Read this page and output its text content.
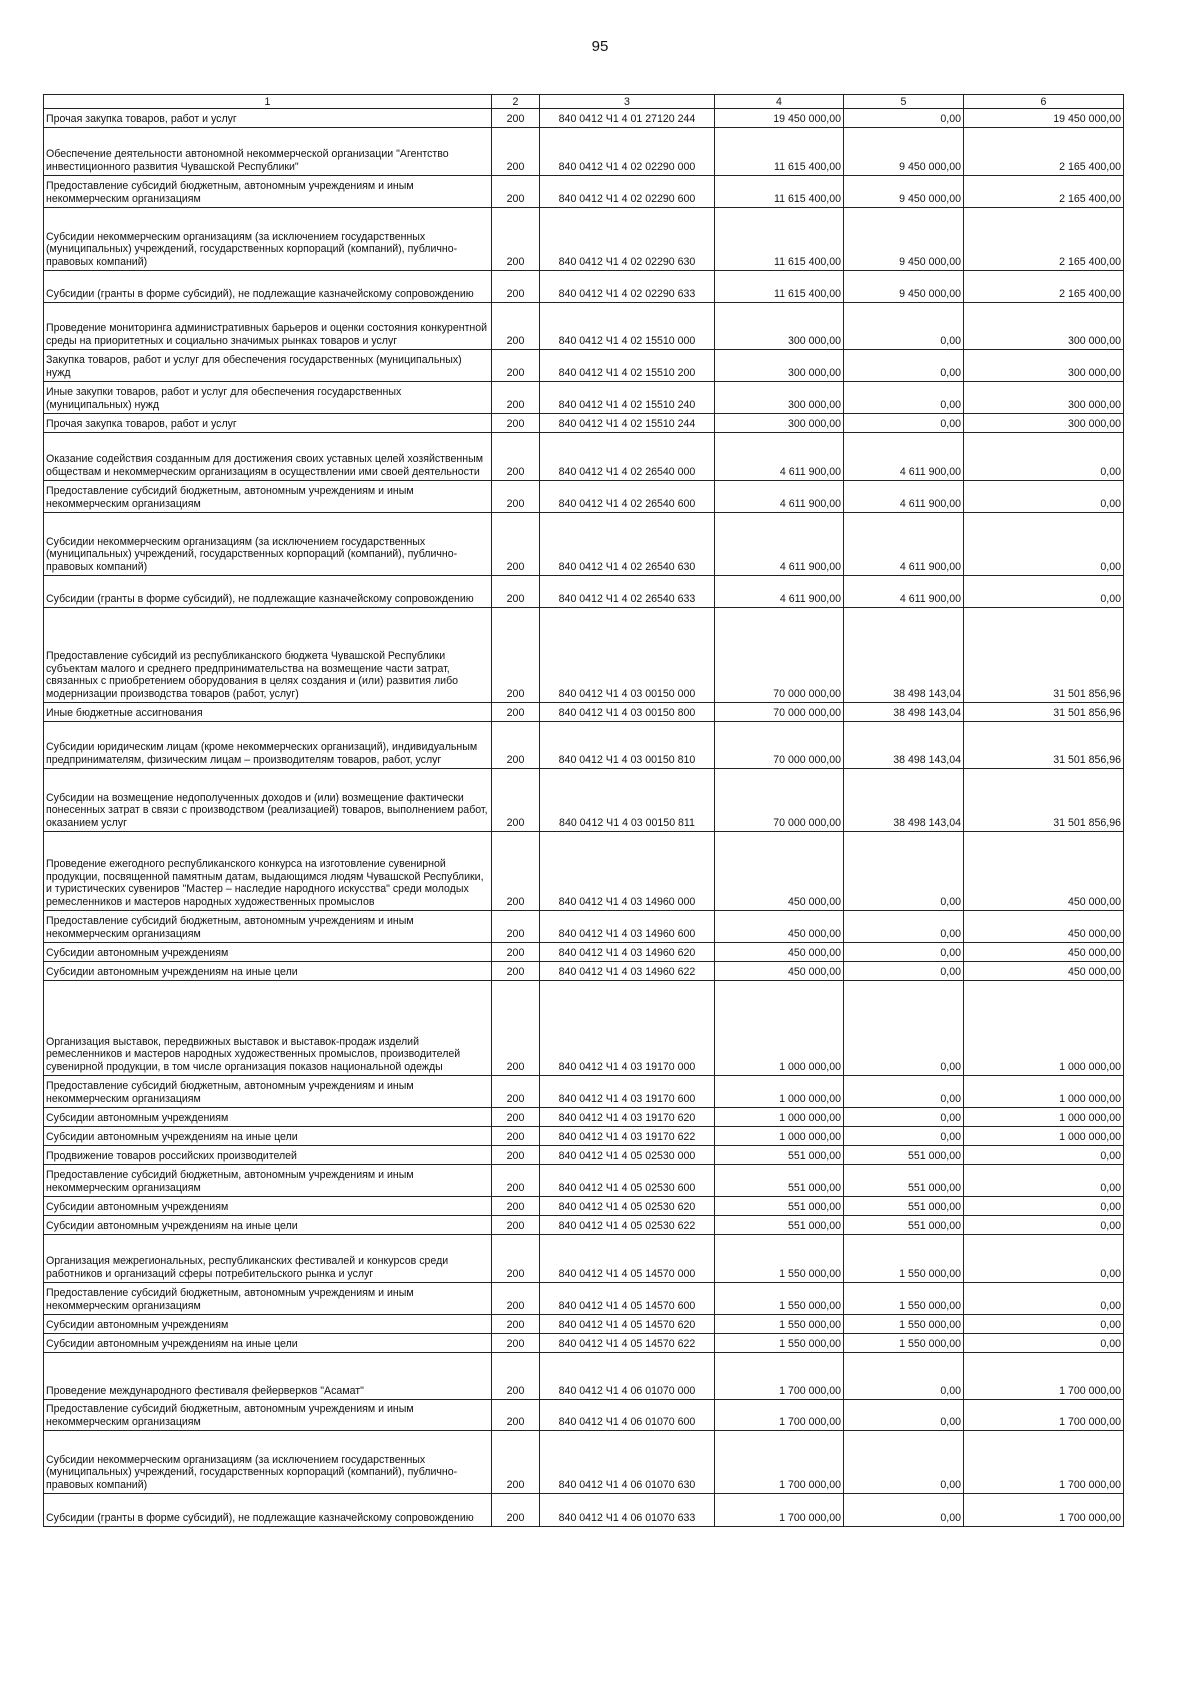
95
1	2	3	4	5	6
Прочая закупка товаров, работ и услуг	200	840 0412 Ч1 4 01 27120 244	19 450 000,00	0,00	19 450 000,00
Обеспечение деятельности автономной некоммерческой организации "Агентство инвестиционного развития Чувашской Республики"	200	840 0412 Ч1 4 02 02290 000	11 615 400,00	9 450 000,00	2 165 400,00
Предоставление субсидий бюджетным, автономным учреждениям и иным некоммерческим организациям	200	840 0412 Ч1 4 02 02290 600	11 615 400,00	9 450 000,00	2 165 400,00
Субсидии некоммерческим организациям (за исключением государственных (муниципальных) учреждений, государственных корпораций (компаний), публично-правовых компаний)	200	840 0412 Ч1 4 02 02290 630	11 615 400,00	9 450 000,00	2 165 400,00
Субсидии (гранты в форме субсидий), не подлежащие казначейскому сопровождению	200	840 0412 Ч1 4 02 02290 633	11 615 400,00	9 450 000,00	2 165 400,00
Проведение мониторинга административных барьеров и оценки состояния конкурентной среды на приоритетных и социально значимых рынках товаров и услуг	200	840 0412 Ч1 4 02 15510 000	300 000,00	0,00	300 000,00
Закупка товаров, работ и услуг для обеспечения государственных (муниципальных) нужд	200	840 0412 Ч1 4 02 15510 200	300 000,00	0,00	300 000,00
Иные закупки товаров, работ и услуг для обеспечения государственных (муниципальных) нужд	200	840 0412 Ч1 4 02 15510 240	300 000,00	0,00	300 000,00
Прочая закупка товаров, работ и услуг	200	840 0412 Ч1 4 02 15510 244	300 000,00	0,00	300 000,00
Оказание содействия созданным для достижения своих уставных целей хозяйственным обществам и некоммерческим организациям в осуществлении ими своей деятельности	200	840 0412 Ч1 4 02 26540 000	4 611 900,00	4 611 900,00	0,00
Предоставление субсидий бюджетным, автономным учреждениям и иным некоммерческим организациям	200	840 0412 Ч1 4 02 26540 600	4 611 900,00	4 611 900,00	0,00
Субсидии некоммерческим организациям (за исключением государственных (муниципальных) учреждений, государственных корпораций (компаний), публично-правовых компаний)	200	840 0412 Ч1 4 02 26540 630	4 611 900,00	4 611 900,00	0,00
Субсидии (гранты в форме субсидий), не подлежащие казначейскому сопровождению	200	840 0412 Ч1 4 02 26540 633	4 611 900,00	4 611 900,00	0,00
Предоставление субсидий из республиканского бюджета Чувашской Республики субъектам малого и среднего предпринимательства на возмещение части затрат, связанных с приобретением оборудования в целях создания и (или) развития либо модернизации производства товаров (работ, услуг)	200	840 0412 Ч1 4 03 00150 000	70 000 000,00	38 498 143,04	31 501 856,96
Иные бюджетные ассигнования	200	840 0412 Ч1 4 03 00150 800	70 000 000,00	38 498 143,04	31 501 856,96
Субсидии юридическим лицам (кроме некоммерческих организаций), индивидуальным предпринимателям, физическим лицам – производителям товаров, работ, услуг	200	840 0412 Ч1 4 03 00150 810	70 000 000,00	38 498 143,04	31 501 856,96
Субсидии на возмещение недополученных доходов и (или) возмещение фактически понесенных затрат в связи с производством (реализацией) товаров, выполнением работ, оказанием услуг	200	840 0412 Ч1 4 03 00150 811	70 000 000,00	38 498 143,04	31 501 856,96
Проведение ежегодного республиканского конкурса на изготовление сувенирной продукции, посвященной памятным датам, выдающимся людям Чувашской Республики, и туристических сувениров "Мастер – наследие народного искусства" среди молодых ремесленников и мастеров народных художественных промыслов	200	840 0412 Ч1 4 03 14960 000	450 000,00	0,00	450 000,00
Предоставление субсидий бюджетным, автономным учреждениям и иным некоммерческим организациям	200	840 0412 Ч1 4 03 14960 600	450 000,00	0,00	450 000,00
Субсидии автономным учреждениям	200	840 0412 Ч1 4 03 14960 620	450 000,00	0,00	450 000,00
Субсидии автономным учреждениям на иные цели	200	840 0412 Ч1 4 03 14960 622	450 000,00	0,00	450 000,00
Организация выставок, передвижных выставок и выставок-продаж изделий ремесленников и мастеров народных художественных промыслов, производителей сувенирной продукции, в том числе организация показов национальной одежды	200	840 0412 Ч1 4 03 19170 000	1 000 000,00	0,00	1 000 000,00
Предоставление субсидий бюджетным, автономным учреждениям и иным некоммерческим организациям	200	840 0412 Ч1 4 03 19170 600	1 000 000,00	0,00	1 000 000,00
Субсидии автономным учреждениям	200	840 0412 Ч1 4 03 19170 620	1 000 000,00	0,00	1 000 000,00
Субсидии автономным учреждениям на иные цели	200	840 0412 Ч1 4 03 19170 622	1 000 000,00	0,00	1 000 000,00
Продвижение товаров российских производителей	200	840 0412 Ч1 4 05 02530 000	551 000,00	551 000,00	0,00
Предоставление субсидий бюджетным, автономным учреждениям и иным некоммерческим организациям	200	840 0412 Ч1 4 05 02530 600	551 000,00	551 000,00	0,00
Субсидии автономным учреждениям	200	840 0412 Ч1 4 05 02530 620	551 000,00	551 000,00	0,00
Субсидии автономным учреждениям на иные цели	200	840 0412 Ч1 4 05 02530 622	551 000,00	551 000,00	0,00
Организация межрегиональных, республиканских фестивалей и конкурсов среди работников и организаций сферы потребительского рынка и услуг	200	840 0412 Ч1 4 05 14570 000	1 550 000,00	1 550 000,00	0,00
Предоставление субсидий бюджетным, автономным учреждениям и иным некоммерческим организациям	200	840 0412 Ч1 4 05 14570 600	1 550 000,00	1 550 000,00	0,00
Субсидии автономным учреждениям	200	840 0412 Ч1 4 05 14570 620	1 550 000,00	1 550 000,00	0,00
Субсидии автономным учреждениям на иные цели	200	840 0412 Ч1 4 05 14570 622	1 550 000,00	1 550 000,00	0,00
Проведение международного фестиваля фейерверков "Асамат"	200	840 0412 Ч1 4 06 01070 000	1 700 000,00	0,00	1 700 000,00
Предоставление субсидий бюджетным, автономным учреждениям и иным некоммерческим организациям	200	840 0412 Ч1 4 06 01070 600	1 700 000,00	0,00	1 700 000,00
Субсидии некоммерческим организациям (за исключением государственных (муниципальных) учреждений, государственных корпораций (компаний), публично-правовых компаний)	200	840 0412 Ч1 4 06 01070 630	1 700 000,00	0,00	1 700 000,00
Субсидии (гранты в форме субсидий), не подлежащие казначейскому сопровождению	200	840 0412 Ч1 4 06 01070 633	1 700 000,00	0,00	1 700 000,00
